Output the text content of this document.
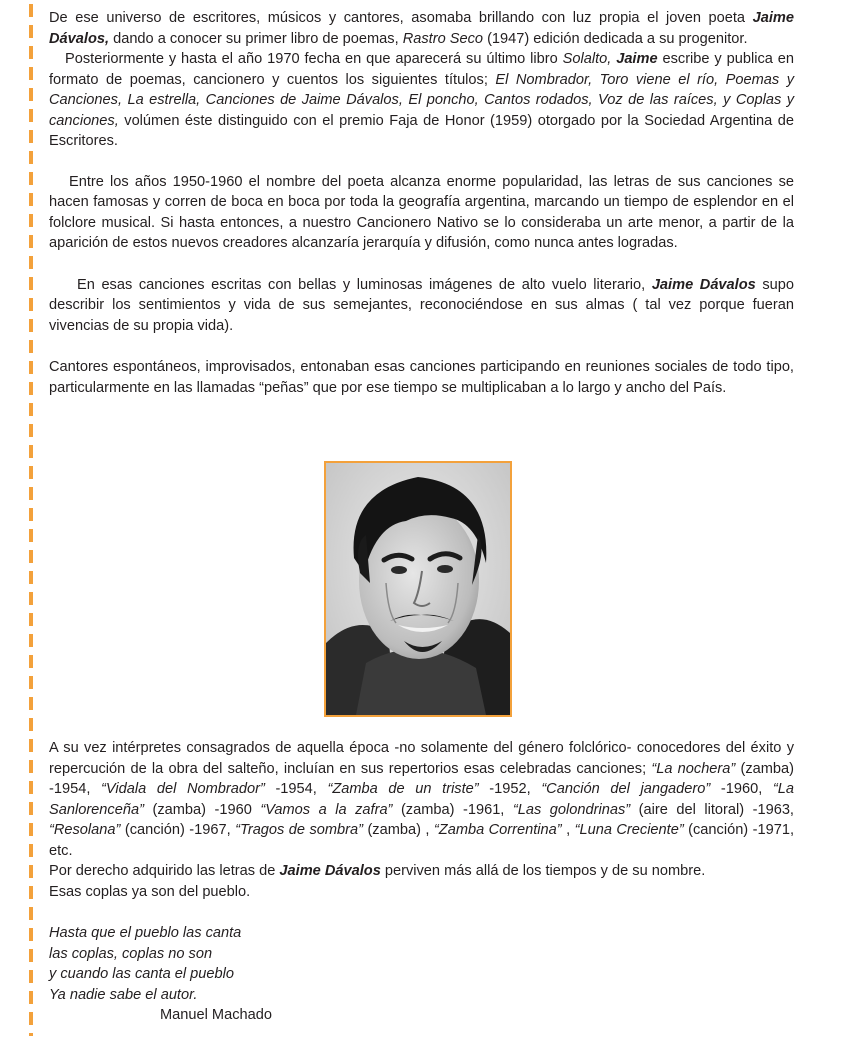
De ese universo de escritores, músicos y cantores, asomaba brillando con luz propia el joven poeta Jaime Dávalos, dando a conocer su primer libro de poemas, Rastro Seco (1947) edición dedicada a su progenitor.

Posteriormente y hasta el año 1970 fecha en que aparecerá su último libro Solalto, Jaime escribe y publica en formato de poemas, cancionero y cuentos los siguientes títulos; El Nombrador, Toro viene el río, Poemas y Canciones, La estrella, Canciones de Jaime Dávalos, El poncho, Cantos rodados, Voz de las raíces, y Coplas y canciones, volúmen éste distinguido con el premio Faja de Honor (1959) otorgado por la Sociedad Argentina de Escritores.

Entre los años 1950-1960 el nombre del poeta alcanza enorme popularidad, las letras de sus canciones se hacen famosas y corren de boca en boca por toda la geografía argentina, marcando un tiempo de esplendor en el folclore musical. Si hasta entonces, a nuestro Cancionero Nativo se lo consideraba un arte menor, a partir de la aparición de estos nuevos creadores alcanzaría jerarquía y difusión, como nunca antes logradas.

En esas canciones escritas con bellas y luminosas imágenes de alto vuelo literario, Jaime Dávalos supo describir los sentimientos y vida de sus semejantes, reconociéndose en sus almas ( tal vez porque fueran vivencias de su propia vida).

Cantores espontáneos, improvisados, entonaban esas canciones participando en reuniones sociales de todo tipo, particularmente en las llamadas “peñas” que por ese tiempo se multiplicaban a lo largo y ancho del País.

A su vez intérpretes consagrados de aquella época -no solamente del género folclórico- conocedores del éxito y repercución de la obra del salteño, incluían en sus repertorios esas celebradas canciones; “La nochera” (zamba) -1954, “Vidala del Nombrador” -1954, “Zamba de un triste” -1952, “Canción del jangadero” -1960, “La Sanlorenceña” (zamba) -1960 “Vamos a la zafra” (zamba) -1961, “Las golondrinas” (aire del litoral) -1963, “Resolana” (canción) -1967, “Tragos de sombra” (zamba) , “Zamba Correntina” , “Luna Creciente” (canción) -1971, etc.

Por derecho adquirido las letras de Jaime Dávalos perviven más allá de los tiempos y de su nombre.

Esas coplas ya son del pueblo.

Hasta que el pueblo las canta

las coplas, coplas no son

y cuando las canta el pueblo

Ya nadie sabe el autor.

Manuel Machado
